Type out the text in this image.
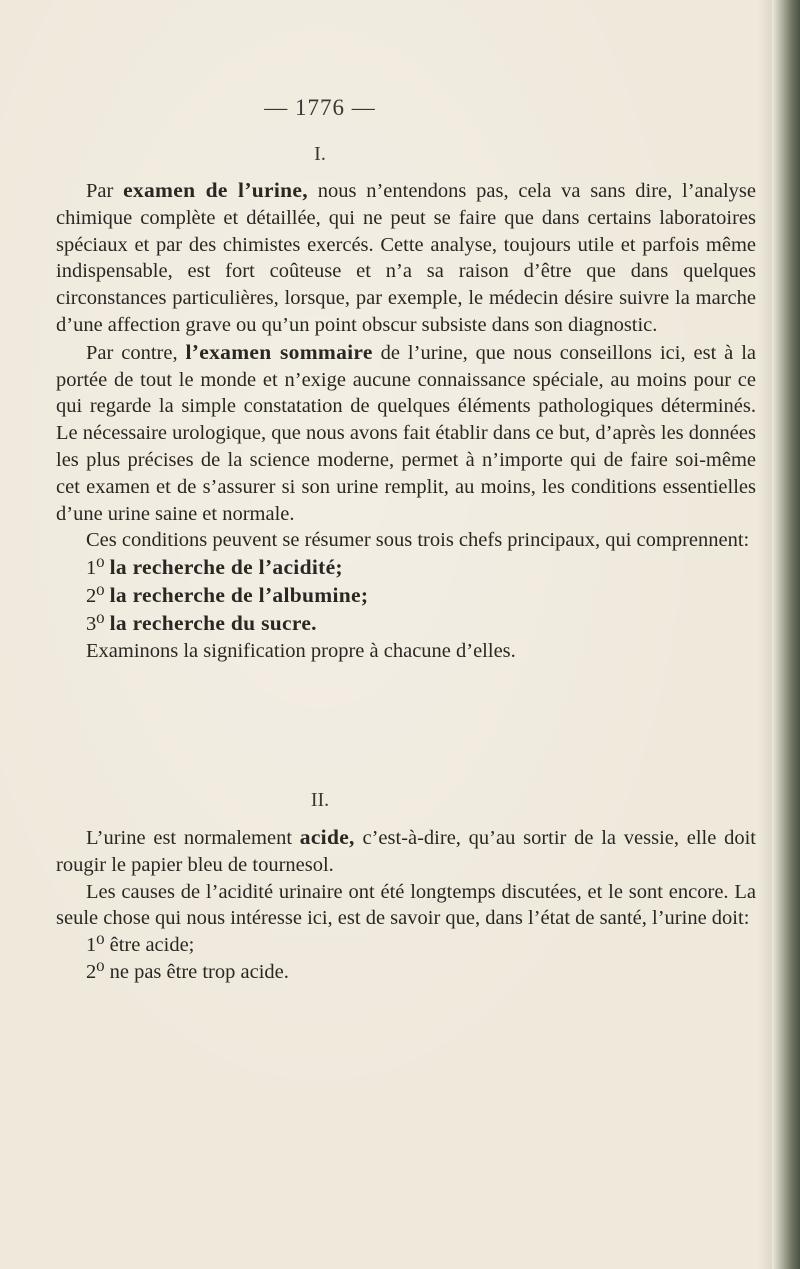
— 1776 —
I.

Par examen de l’urine, nous n’entendons pas, cela va sans dire, l’analyse chimique complète et détaillée, qui ne peut se faire que dans certains laboratoires spéciaux et par des chimistes exercés. Cette analyse, toujours utile et parfois même indispensable, est fort coûteuse et n’a sa raison d’être que dans quelques circonstances particulières, lorsque, par exemple, le médecin désire suivre la marche d’une affection grave ou qu’un point obscur subsiste dans son diagnostic.

Par contre, l’examen sommaire de l’urine, que nous conseillons ici, est à la portée de tout le monde et n’exige aucune connaissance spéciale, au moins pour ce qui regarde la simple constatation de quelques éléments pathologiques déterminés. Le nécessaire urologique, que nous avons fait établir dans ce but, d’après les données les plus précises de la science moderne, permet à n’importe qui de faire soi-même cet examen et de s’assurer si son urine remplit, au moins, les conditions essentielles d’une urine saine et normale.

Ces conditions peuvent se résumer sous trois chefs principaux, qui comprennent:

1⁰ la recherche de l’acidité;

2⁰ la recherche de l’albumine;

3⁰ la recherche du sucre.

Examinons la signification propre à chacune d’elles.

II.

L’urine est normalement acide, c’est-à-dire, qu’au sortir de la vessie, elle doit rougir le papier bleu de tournesol.

Les causes de l’acidité urinaire ont été longtemps discutées, et le sont encore. La seule chose qui nous intéresse ici, est de savoir que, dans l’état de santé, l’urine doit:

1⁰ être acide;

2⁰ ne pas être trop acide.
